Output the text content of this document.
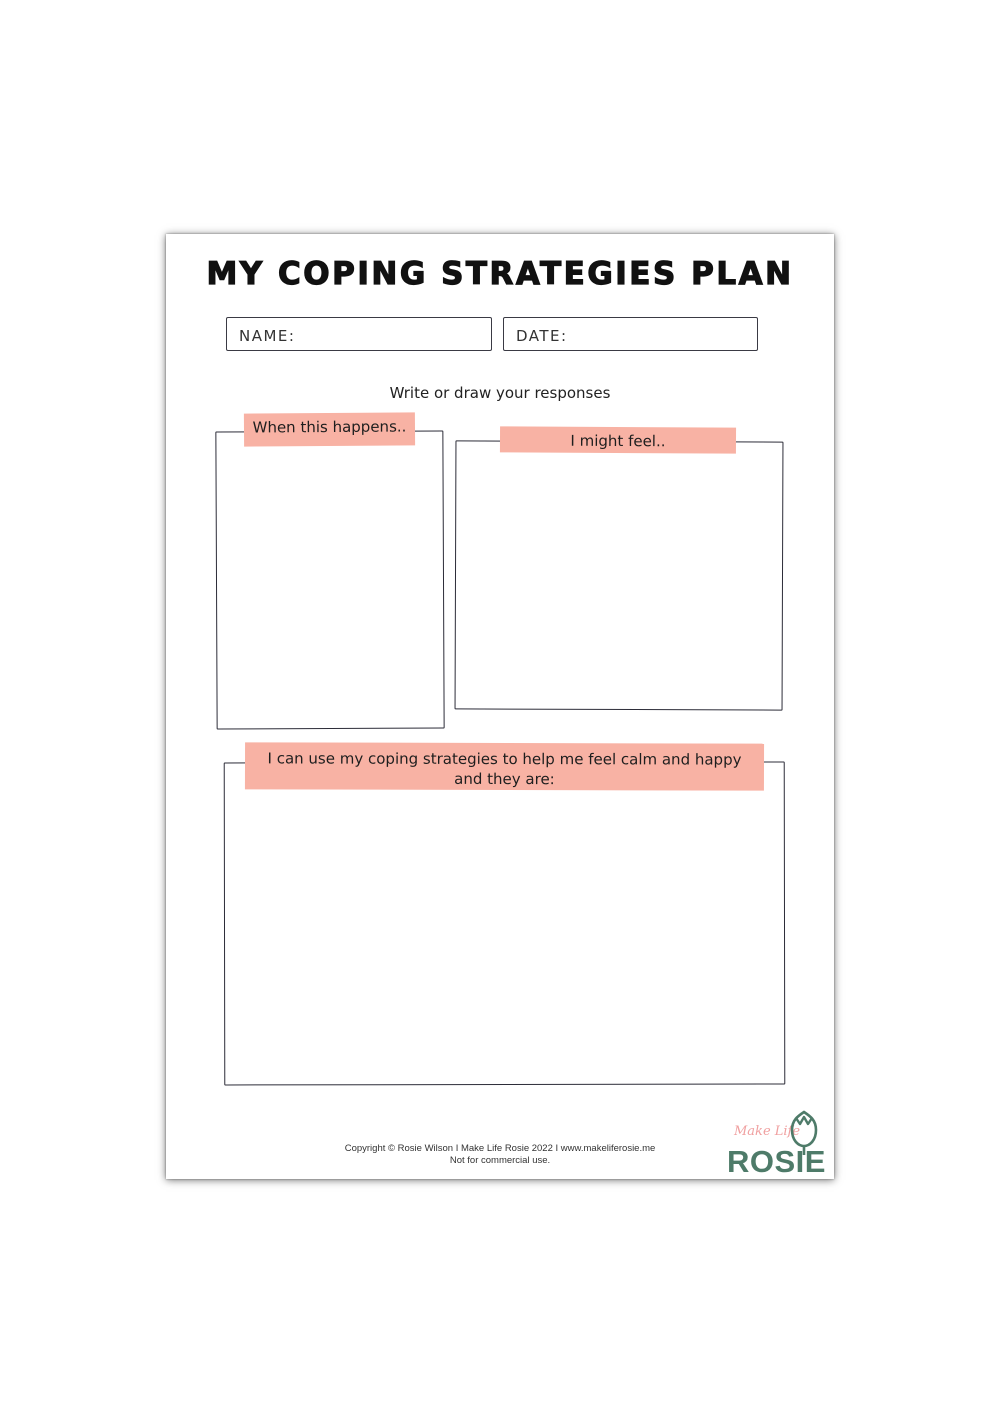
MY COPING STRATEGIES PLAN
NAME:	DATE:
Write or draw your responses
When this happens..
I might feel..
I can use my coping strategies to help me feel calm and happy
and they are:
Copyright © Rosie Wilson I Make Life Rosie 2022 I www.makeliferosie.me
Not for commercial use.
Make Life
ROSIE
